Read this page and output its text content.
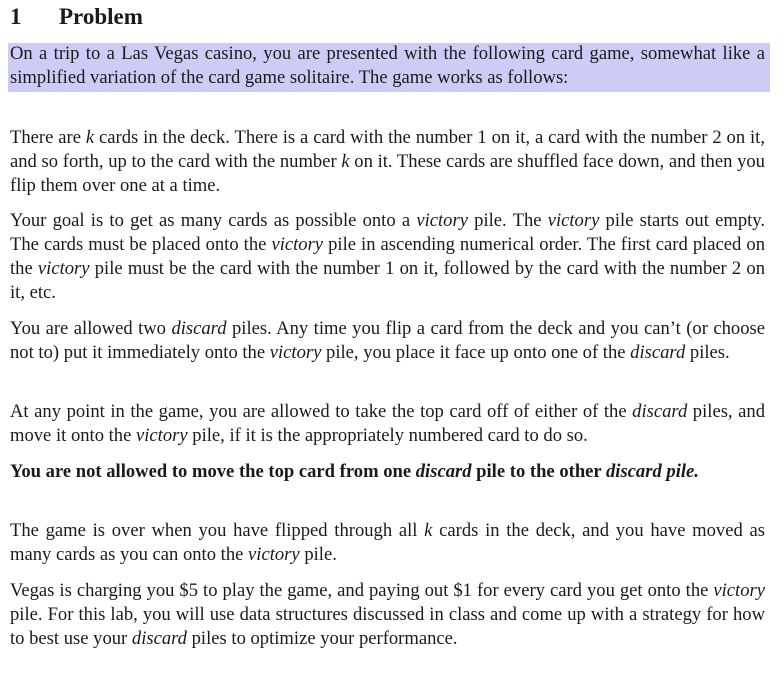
1 Problem
On a trip to a Las Vegas casino, you are presented with the following card game, somewhat like a simplified variation of the card game solitaire. The game works as follows:

There are k cards in the deck. There is a card with the number 1 on it, a card with the number 2 on it, and so forth, up to the card with the number k on it. These cards are shuffled face down, and then you flip them over one at a time.

Your goal is to get as many cards as possible onto a victory pile. The victory pile starts out empty. The cards must be placed onto the victory pile in ascending numerical order. The first card placed on the victory pile must be the card with the number 1 on it, followed by the card with the number 2 on it, etc.

You are allowed two discard piles. Any time you flip a card from the deck and you can’t (or choose not to) put it immediately onto the victory pile, you place it face up onto one of the discard piles.

At any point in the game, you are allowed to take the top card off of either of the discard piles, and move it onto the victory pile, if it is the appropriately numbered card to do so.

You are not allowed to move the top card from one discard pile to the other discard pile.

The game is over when you have flipped through all k cards in the deck, and you have moved as many cards as you can onto the victory pile.

Vegas is charging you $5 to play the game, and paying out $1 for every card you get onto the victory pile. For this lab, you will use data structures discussed in class and come up with a strategy for how to best use your discard piles to optimize your performance.
